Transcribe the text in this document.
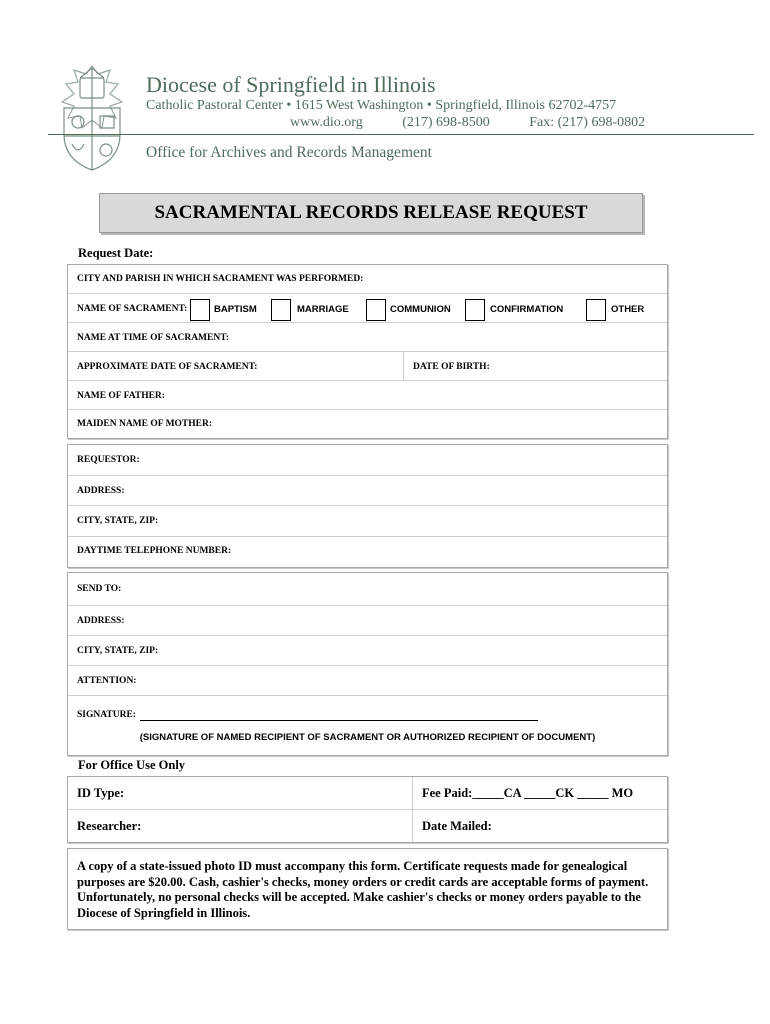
Diocese of Springfield in Illinois
Catholic Pastoral Center • 1615 West Washington • Springfield, Illinois 62702-4757
www.dio.org	(217) 698-8500	Fax: (217) 698-0802
Office for Archives and Records Management
SACRAMENTAL RECORDS RELEASE REQUEST
Request Date:
CITY AND PARISH IN WHICH SACRAMENT WAS PERFORMED:
NAME OF SACRAMENT:	BAPTISM	MARRIAGE	COMMUNION	CONFIRMATION	OTHER
NAME AT TIME OF SACRAMENT:
APPROXIMATE DATE OF SACRAMENT:	DATE OF BIRTH:
NAME OF FATHER:
MAIDEN NAME OF MOTHER:
REQUESTOR:
ADDRESS:
CITY, STATE, ZIP:
DAYTIME TELEPHONE NUMBER:
SEND TO:
ADDRESS:
CITY, STATE, ZIP:
ATTENTION:
SIGNATURE:
(SIGNATURE OF NAMED RECIPIENT OF SACRAMENT OR AUTHORIZED RECIPIENT OF DOCUMENT)
For Office Use Only
ID Type:	Fee Paid:_____CA _____CK _____ MO
Researcher:	Date Mailed:
A copy of a state-issued photo ID must accompany this form. Certificate requests made for genealogical purposes are $20.00. Cash, cashier's checks, money orders or credit cards are acceptable forms of payment. Unfortunately, no personal checks will be accepted. Make cashier's checks or money orders payable to the Diocese of Springfield in Illinois.
